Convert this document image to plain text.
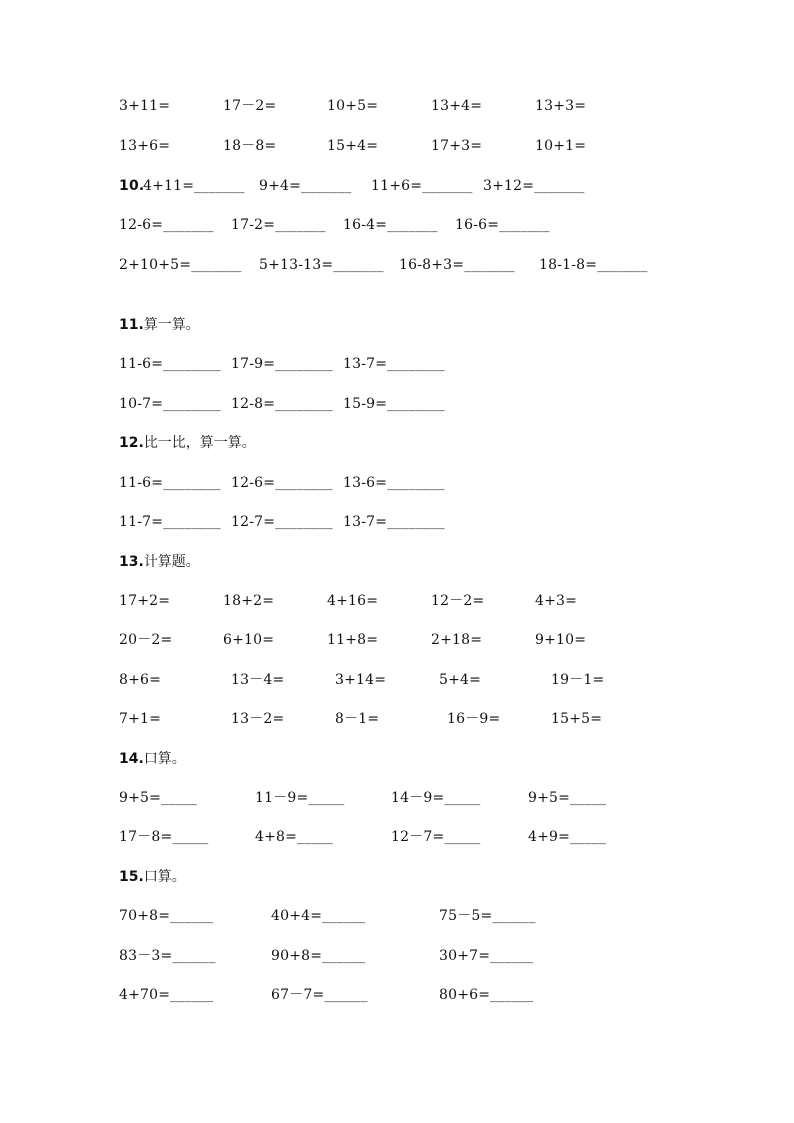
3+11=	17－2=	10+5=	13+4=	13+3=
13+6=	18－8=	15+4=	17+3=	10+1=
10.
4+11=_______ 9+4=_______ 11+6=_______ 3+12=_______
12-6=_______ 17-2=_______ 16-4=_______ 16-6=_______
2+10+5=_______ 5+13-13=_______ 16-8+3=_______ 18-1-8=_______
11.算一算。
11-6=________ 17-9=________ 13-7=________
10-7=________ 12-8=________ 15-9=________
12.比一比，算一算。
11-6=________ 12-6=________ 13-6=________
11-7=________ 12-7=________ 13-7=________
13.计算题。
17+2=	18+2=	4+16=	12－2=	4+3=
20－2=	6+10=	11+8=	2+18=	9+10=
8+6=	13－4=	3+14=	5+4=	19－1=
7+1=	13－2=	8－1=	16－9=	15+5=
14.口算。
9+5=_____	11－9=_____	14－9=_____	9+5=_____
17－8=_____	4+8=_____	12－7=_____	4+9=_____
15.口算。
70+8=______	40+4=______	75－5=______
83－3=______	90+8=______	30+7=______
4+70=______	67－7=______	80+6=______
